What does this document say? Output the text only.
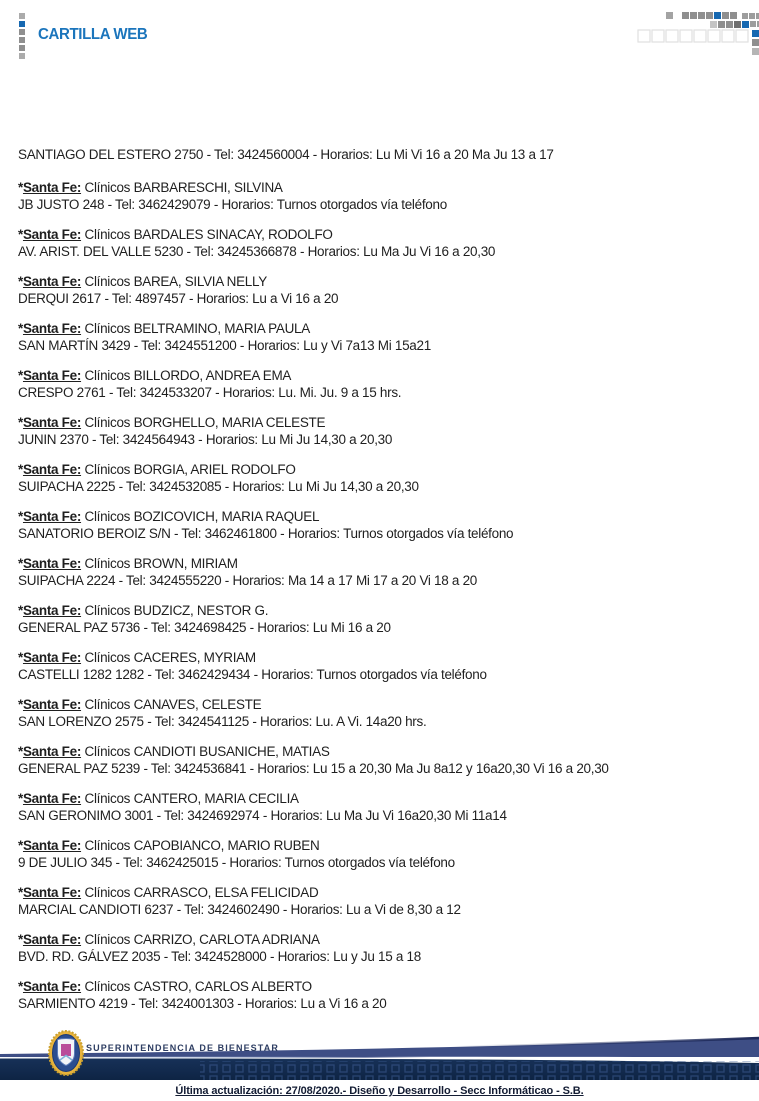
CARTILLA WEB

SANTIAGO DEL ESTERO 2750 - Tel: 3424560004 - Horarios: Lu Mi Vi 16 a 20 Ma Ju 13 a 17

*Santa Fe: Clínicos BARBARESCHI, SILVINA

JB JUSTO 248 - Tel: 3462429079 - Horarios: Turnos otorgados vía teléfono

*Santa Fe: Clínicos BARDALES SINACAY, RODOLFO

AV. ARIST. DEL VALLE 5230 - Tel: 34245366878 - Horarios: Lu Ma Ju Vi 16 a 20,30

*Santa Fe: Clínicos BAREA, SILVIA NELLY

DERQUI 2617 - Tel: 4897457 - Horarios: Lu a Vi 16 a 20

*Santa Fe: Clínicos BELTRAMINO, MARIA PAULA

SAN MARTÍN 3429 - Tel: 3424551200 - Horarios: Lu y Vi 7a13 Mi 15a21

*Santa Fe: Clínicos BILLORDO, ANDREA EMA

CRESPO 2761 - Tel: 3424533207 - Horarios: Lu. Mi. Ju. 9 a 15 hrs.

*Santa Fe: Clínicos BORGHELLO, MARIA CELESTE

JUNIN 2370 - Tel: 3424564943 - Horarios: Lu Mi Ju 14,30 a 20,30

*Santa Fe: Clínicos BORGIA, ARIEL RODOLFO

SUIPACHA 2225 - Tel: 3424532085 - Horarios: Lu Mi Ju 14,30 a 20,30

*Santa Fe: Clínicos BOZICOVICH, MARIA RAQUEL

SANATORIO BEROIZ S/N - Tel: 3462461800 - Horarios: Turnos otorgados vía teléfono

*Santa Fe: Clínicos BROWN, MIRIAM

SUIPACHA 2224 - Tel: 3424555220 - Horarios: Ma 14 a 17 Mi 17 a 20 Vi 18 a 20

*Santa Fe: Clínicos BUDZICZ, NESTOR G.

GENERAL PAZ 5736 - Tel: 3424698425 - Horarios: Lu Mi 16 a 20

*Santa Fe: Clínicos CACERES, MYRIAM

CASTELLI 1282 1282 - Tel: 3462429434 - Horarios: Turnos otorgados vía teléfono

*Santa Fe: Clínicos CANAVES, CELESTE

SAN LORENZO 2575 - Tel: 3424541125 - Horarios: Lu. A Vi. 14a20 hrs.

*Santa Fe: Clínicos CANDIOTI BUSANICHE, MATIAS

GENERAL PAZ 5239 - Tel: 3424536841 - Horarios: Lu 15 a 20,30 Ma Ju 8a12 y 16a20,30 Vi 16 a 20,30

*Santa Fe: Clínicos CANTERO, MARIA CECILIA

SAN GERONIMO 3001 - Tel: 3424692974 - Horarios: Lu Ma Ju Vi 16a20,30 Mi 11a14

*Santa Fe: Clínicos CAPOBIANCO, MARIO RUBEN

9 DE JULIO 345 - Tel: 3462425015 - Horarios: Turnos otorgados vía teléfono

*Santa Fe: Clínicos CARRASCO, ELSA FELICIDAD

MARCIAL CANDIOTI 6237 - Tel: 3424602490 - Horarios: Lu a Vi de 8,30 a 12

*Santa Fe: Clínicos CARRIZO, CARLOTA ADRIANA

BVD. RD. GÁLVEZ 2035 - Tel: 3424528000 - Horarios: Lu y Ju 15 a 18

*Santa Fe: Clínicos CASTRO, CARLOS ALBERTO

SARMIENTO 4219 - Tel: 3424001303 - Horarios: Lu a Vi 16 a 20

SUPERINTENDENCIA DE BIENESTAR

Última actualización: 27/08/2020.- Diseño y Desarrollo - Secc Informáticao - S.B.
